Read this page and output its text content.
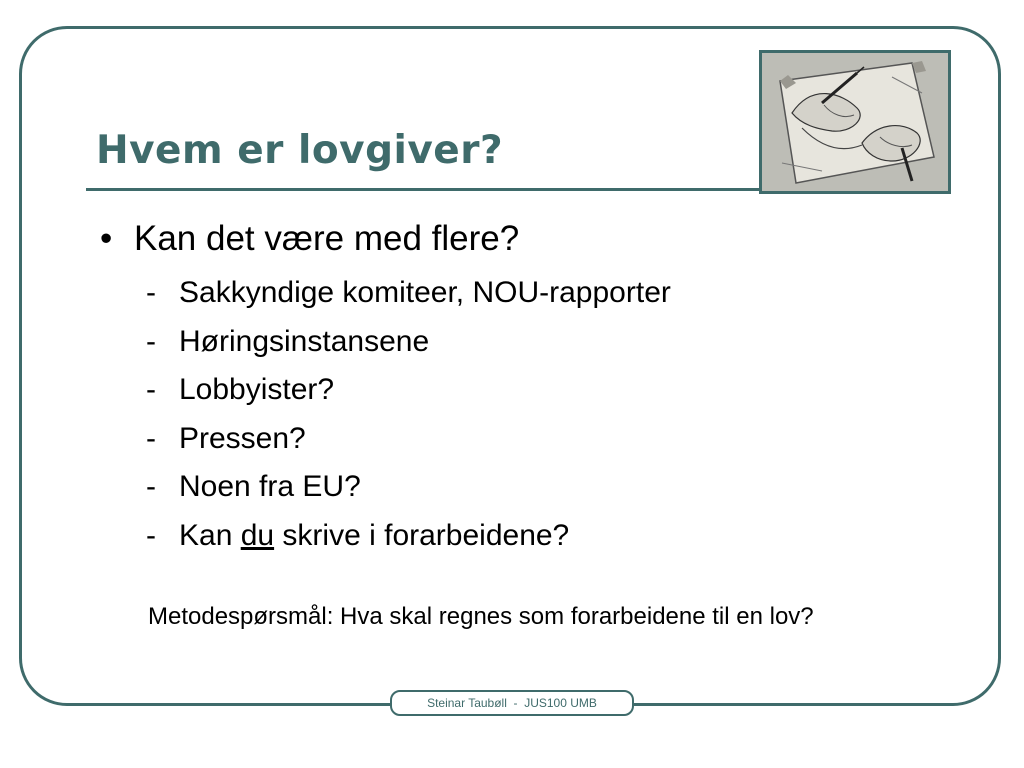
Hvem er lovgiver?
• Kan det være med flere?
- Sakkyndige komiteer, NOU-rapporter
- Høringsinstansene
- Lobbyister?
- Pressen?
- Noen fra EU?
- Kan du skrive i forarbeidene?
Metodespørsmål: Hva skal regnes som forarbeidene til en lov?
Steinar Taubøll  -  JUS100 UMB
